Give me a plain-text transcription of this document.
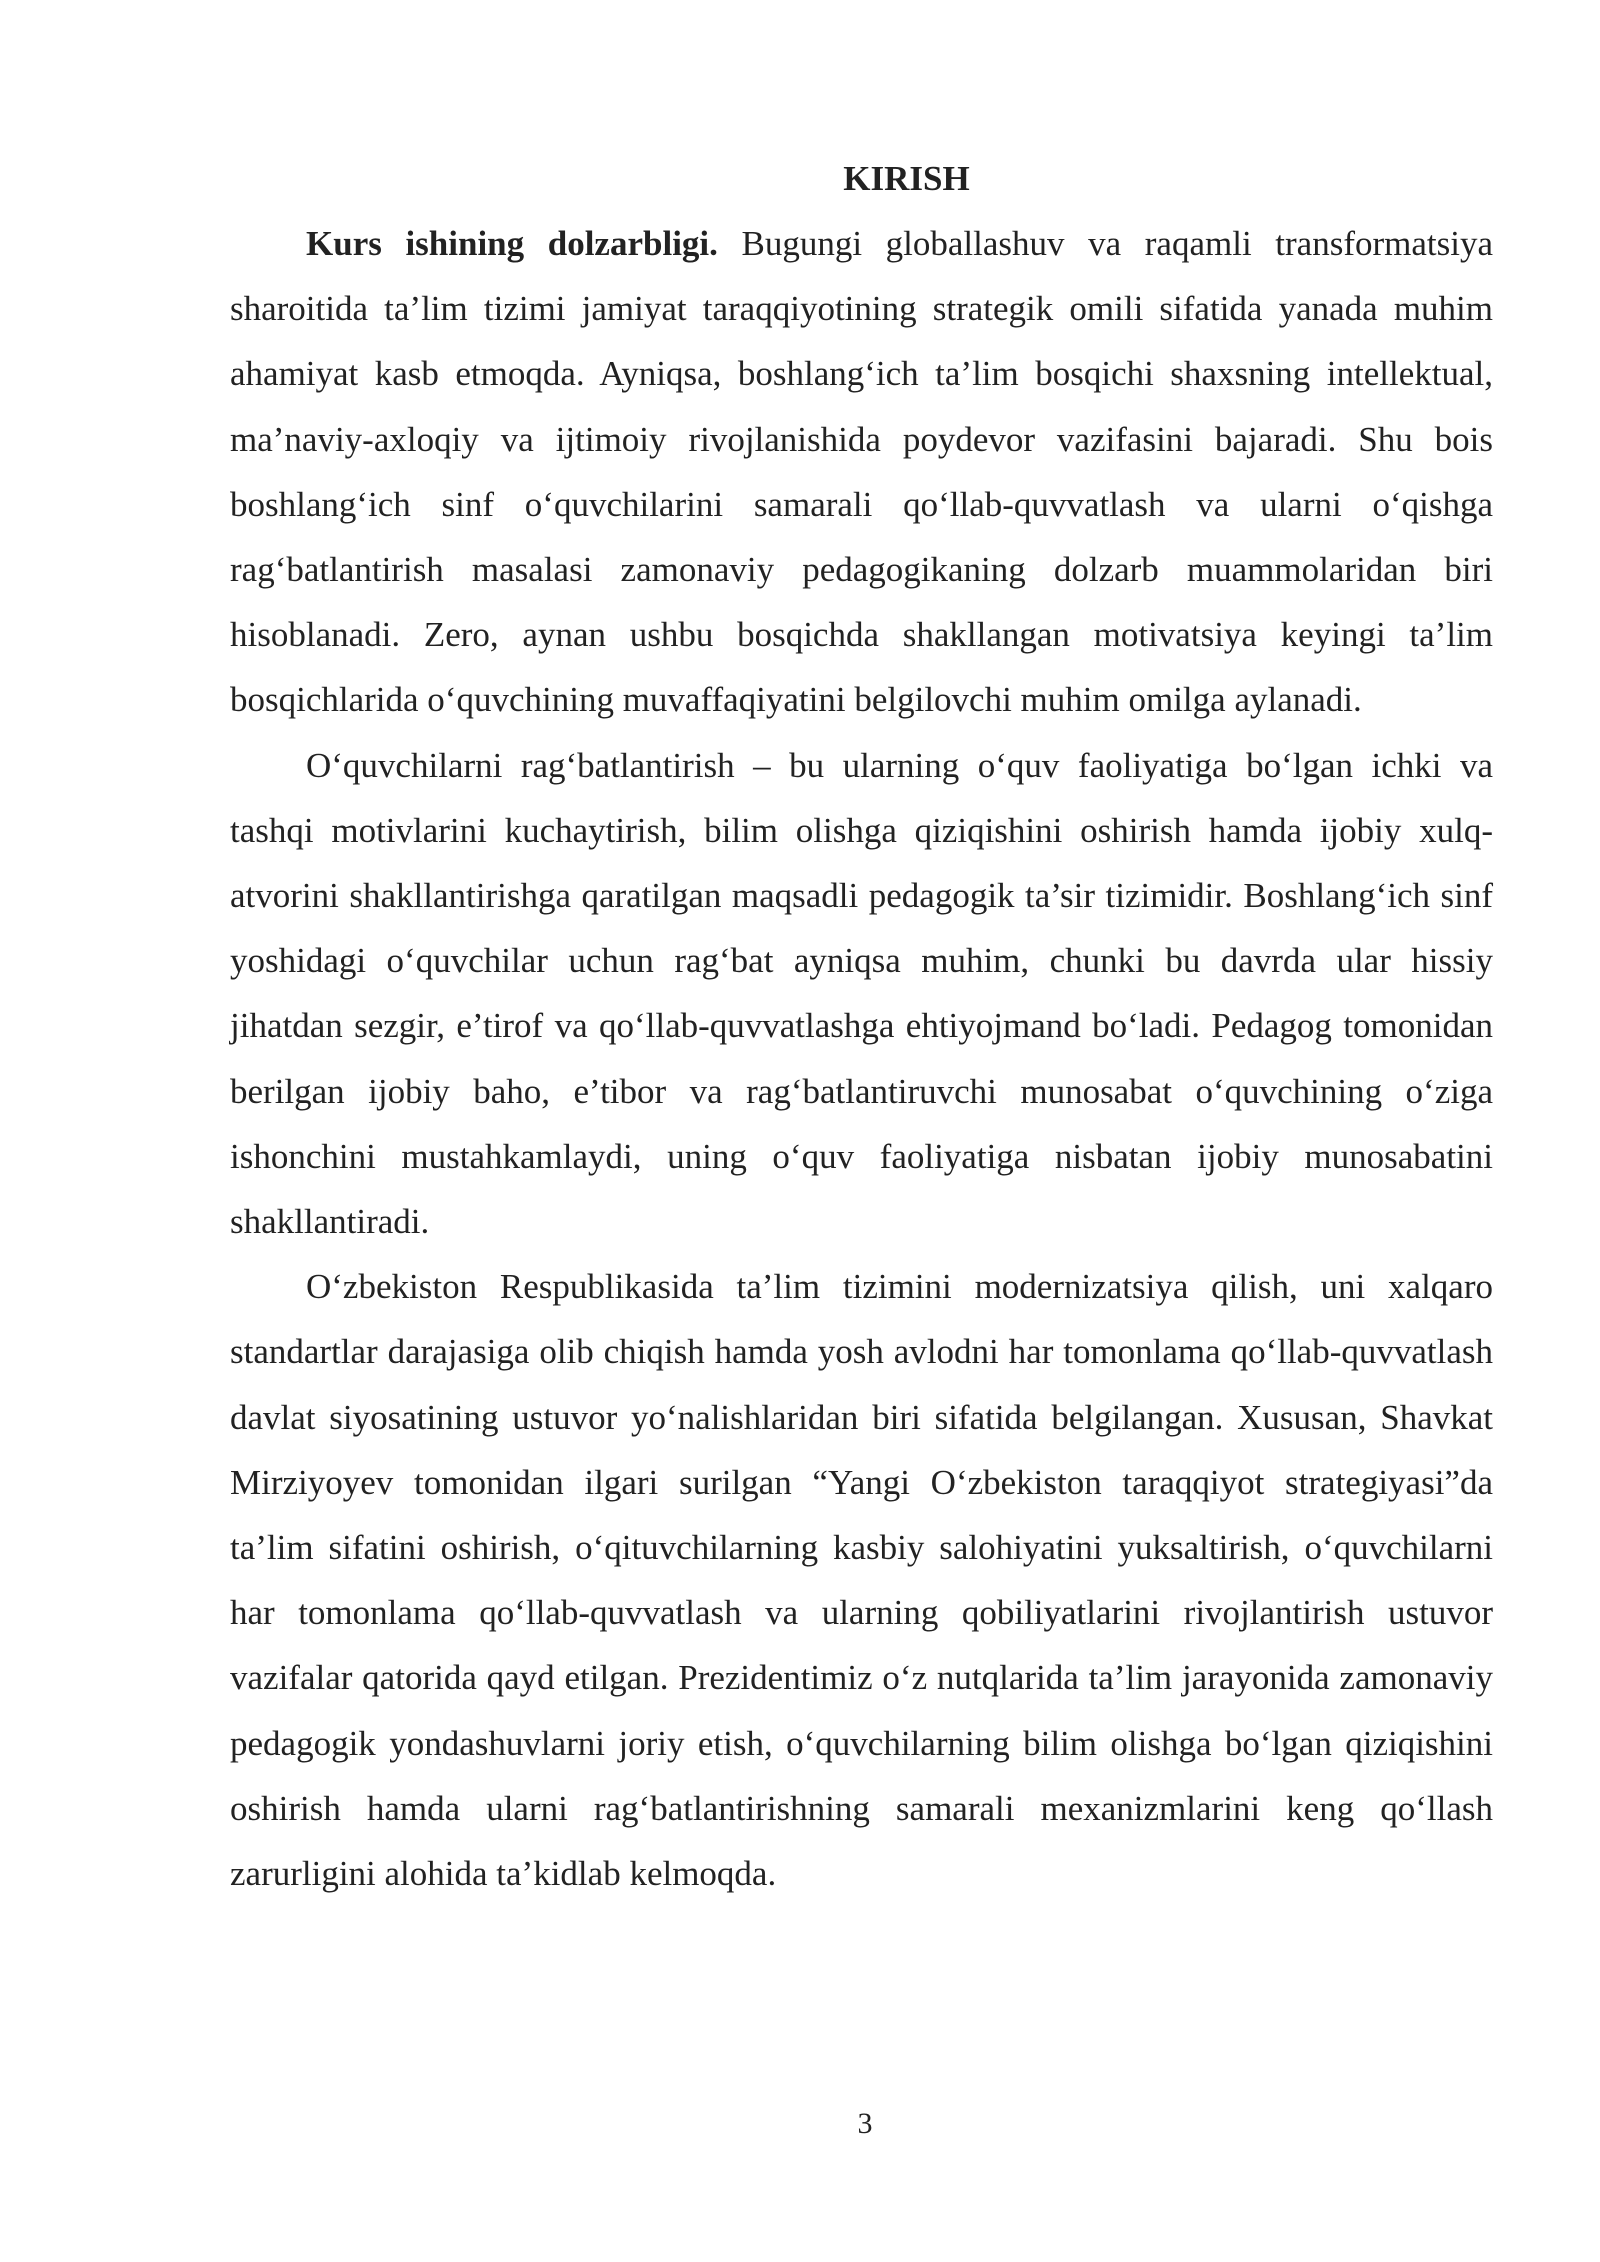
KIRISH

Kurs ishining dolzarbligi. Bugungi globallashuv va raqamli transformatsiya sharoitida ta’lim tizimi jamiyat taraqqiyotining strategik omili sifatida yanada muhim ahamiyat kasb etmoqda. Ayniqsa, boshlang‘ich ta’lim bosqichi shaxsning intellektual, ma’naviy-axloqiy va ijtimoiy rivojlanishida poydevor vazifasini bajaradi. Shu bois boshlang‘ich sinf o‘quvchilarini samarali qo‘llab-quvvatlash va ularni o‘qishga rag‘batlantirish masalasi zamonaviy pedagogikaning dolzarb muammolaridan biri hisoblanadi. Zero, aynan ushbu bosqichda shakllangan motivatsiya keyingi ta’lim bosqichlarida o‘quvchining muvaffaqiyatini belgilovchi muhim omilga aylanadi.

O‘quvchilarni rag‘batlantirish – bu ularning o‘quv faoliyatiga bo‘lgan ichki va tashqi motivlarini kuchaytirish, bilim olishga qiziqishini oshirish hamda ijobiy xulq-atvorini shakllantirishga qaratilgan maqsadli pedagogik ta’sir tizimidir. Boshlang‘ich sinf yoshidagi o‘quvchilar uchun rag‘bat ayniqsa muhim, chunki bu davrda ular hissiy jihatdan sezgir, e’tirof va qo‘llab-quvvatlashga ehtiyojmand bo‘ladi. Pedagog tomonidan berilgan ijobiy baho, e’tibor va rag‘batlantiruvchi munosabat o‘quvchining o‘ziga ishonchini mustahkamlaydi, uning o‘quv faoliyatiga nisbatan ijobiy munosabatini shakllantiradi.

O‘zbekiston Respublikasida ta’lim tizimini modernizatsiya qilish, uni xalqaro standartlar darajasiga olib chiqish hamda yosh avlodni har tomonlama qo‘llab-quvvatlash davlat siyosatining ustuvor yo‘nalishlaridan biri sifatida belgilangan. Xususan, Shavkat Mirziyoyev tomonidan ilgari surilgan “Yangi O‘zbekiston taraqqiyot strategiyasi”da ta’lim sifatini oshirish, o‘qituvchilarning kasbiy salohiyatini yuksaltirish, o‘quvchilarni har tomonlama qo‘llab-quvvatlash va ularning qobiliyatlarini rivojlantirish ustuvor vazifalar qatorida qayd etilgan. Prezidentimiz o‘z nutqlarida ta’lim jarayonida zamonaviy pedagogik yondashuvlarni joriy etish, o‘quvchilarning bilim olishga bo‘lgan qiziqishini oshirish hamda ularni rag‘batlantirishning samarali mexanizmlarini keng qo‘llash zarurligini alohida ta’kidlab kelmoqda.

3
